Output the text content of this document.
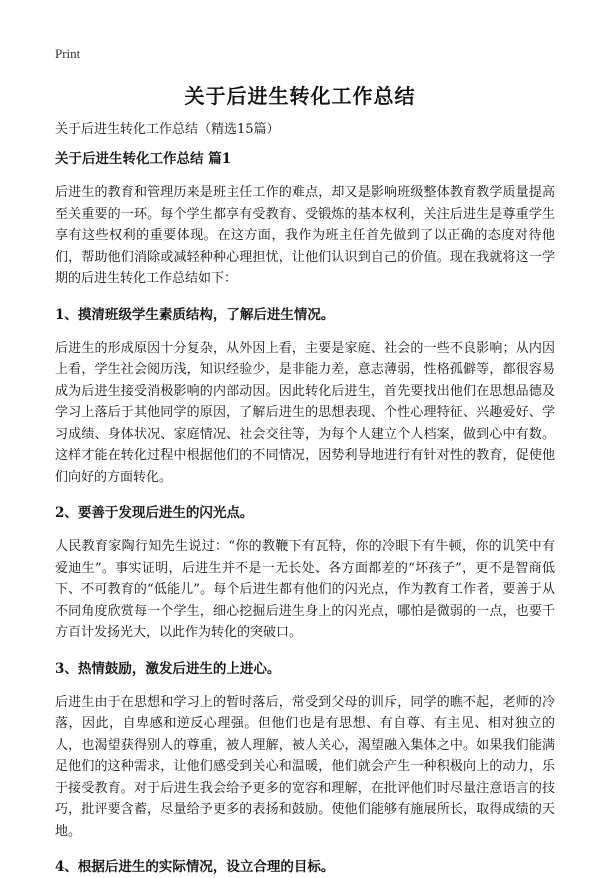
Print
关于后进生转化工作总结
关于后进生转化工作总结（精选15篇）

关于后进生转化工作总结 篇1

后进生的教育和管理历来是班主任工作的难点，却又是影响班级整体教育教学质量提高至关重要的一环。每个学生都享有受教育、受锻炼的基本权利，关注后进生是尊重学生享有这些权利的重要体现。在这方面，我作为班主任首先做到了以正确的态度对待他们，帮助他们消除或减轻种种心理担忧，让他们认识到自己的价值。现在我就将这一学期的后进生转化工作总结如下：

1、摸清班级学生素质结构，了解后进生情况。

后进生的形成原因十分复杂，从外因上看，主要是家庭、社会的一些不良影响；从内因上看，学生社会阅历浅，知识经验少，是非能力差，意志薄弱，性格孤僻等，都很容易成为后进生接受消极影响的内部动因。因此转化后进生，首先要找出他们在思想品德及学习上落后于其他同学的原因，了解后进生的思想表现、个性心理特征、兴趣爱好、学习成绩、身体状况、家庭情况、社会交往等，为每个人建立个人档案，做到心中有数。这样才能在转化过程中根据他们的不同情况，因势利导地进行有针对性的教育，促使他们向好的方面转化。

2、要善于发现后进生的闪光点。

人民教育家陶行知先生说过：“你的教鞭下有瓦特，你的冷眼下有牛顿，你的讥笑中有爱迪生”。事实证明，后进生并不是一无长处、各方面都差的“坏孩子”，更不是智商低下、不可教育的“低能儿”。每个后进生都有他们的闪光点，作为教育工作者，要善于从不同角度欣赏每一个学生，细心挖掘后进生身上的闪光点，哪怕是微弱的一点，也要千方百计发扬光大，以此作为转化的突破口。

3、热情鼓励，激发后进生的上进心。

后进生由于在思想和学习上的暂时落后，常受到父母的训斥，同学的瞧不起，老师的冷落，因此，自卑感和逆反心理强。但他们也是有思想、有自尊、有主见、相对独立的人，也渴望获得别人的尊重，被人理解，被人关心，渴望融入集体之中。如果我们能满足他们的这种需求，让他们感受到关心和温暖，他们就会产生一种积极向上的动力，乐于接受教育。对于后进生我会给予更多的宽容和理解，在批评他们时尽量注意语言的技巧，批评要含蓄，尽量给予更多的表扬和鼓励。使他们能够有施展所长，取得成绩的天地。

4、根据后进生的实际情况，设立合理的目标。
